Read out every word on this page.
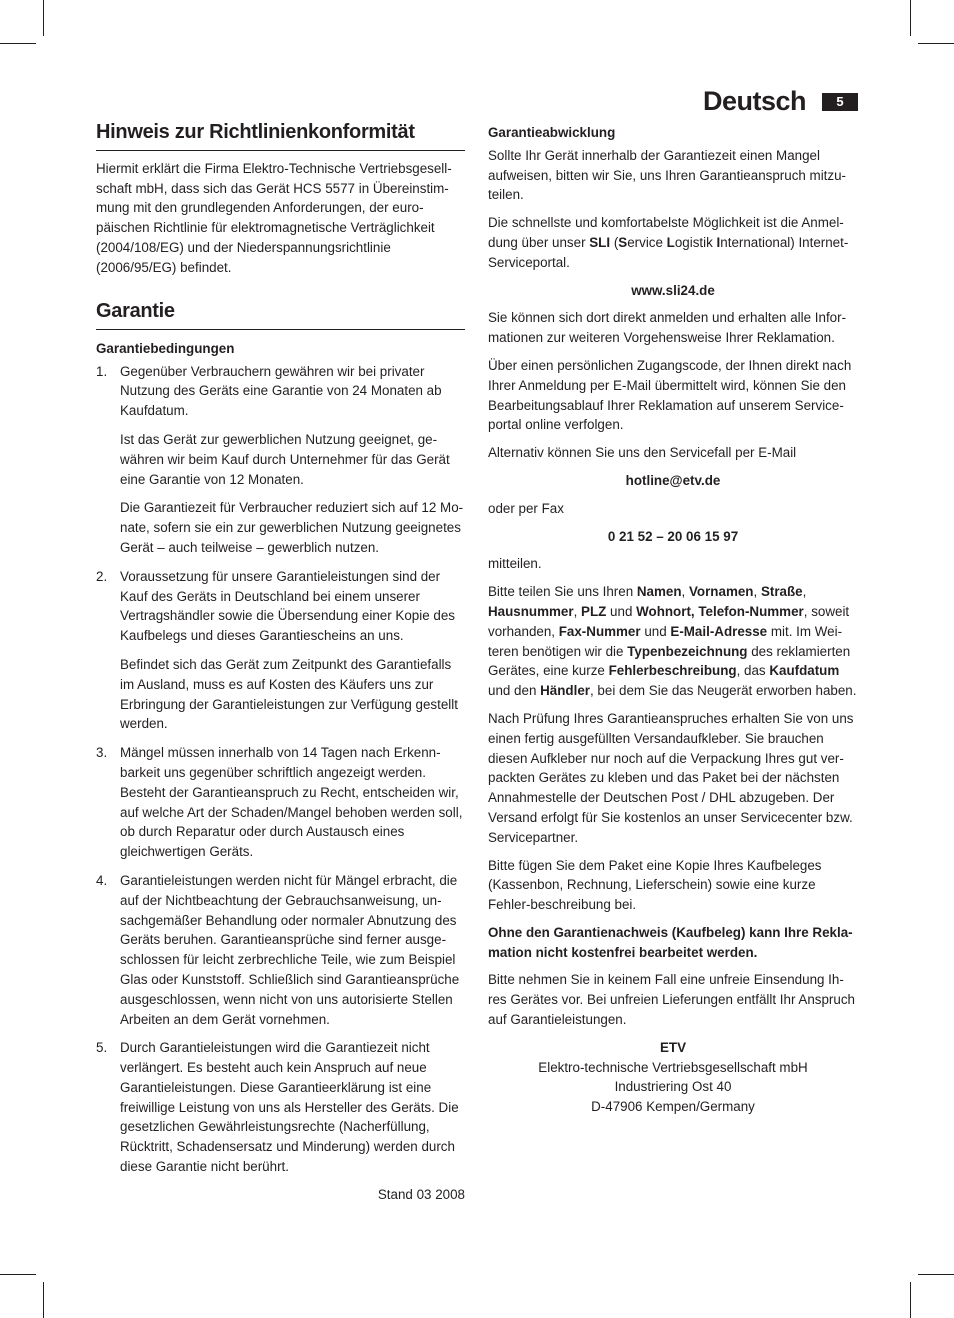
Deutsch	5
Hinweis zur Richtlinienkonformität

Hiermit erklärt die Firma Elektro-Technische Vertriebsgesell-schaft mbH, dass sich das Gerät HCS 5577 in Übereinstim-mung mit den grundlegenden Anforderungen, der euro-päischen Richtlinie für elektromagnetische Verträglichkeit (2004/108/EG) und der Niederspannungsrichtlinie (2006/95/EG) befindet.

Garantie

Garantiebedingungen

1. Gegenüber Verbrauchern gewähren wir bei privater Nutzung des Geräts eine Garantie von 24 Monaten ab Kaufdatum.

Ist das Gerät zur gewerblichen Nutzung geeignet, ge-währen wir beim Kauf durch Unternehmer für das Gerät eine Garantie von 12 Monaten.

Die Garantiezeit für Verbraucher reduziert sich auf 12 Mo-nate, sofern sie ein zur gewerblichen Nutzung geeignetes Gerät – auch teilweise – gewerblich nutzen.

2. Voraussetzung für unsere Garantieleistungen sind der Kauf des Geräts in Deutschland bei einem unserer Vertragshändler sowie die Übersendung einer Kopie des Kaufbelegs und dieses Garantiescheins an uns.

Befindet sich das Gerät zum Zeitpunkt des Garantiefalls im Ausland, muss es auf Kosten des Käufers uns zur Erbringung der Garantieleistungen zur Verfügung gestellt werden.

3. Mängel müssen innerhalb von 14 Tagen nach Erkenn-barkeit uns gegenüber schriftlich angezeigt werden. Besteht der Garantieanspruch zu Recht, entscheiden wir, auf welche Art der Schaden/Mangel behoben werden soll, ob durch Reparatur oder durch Austausch eines gleichwertigen Geräts.

4. Garantieleistungen werden nicht für Mängel erbracht, die auf der Nichtbeachtung der Gebrauchsanweisung, un-sachgemäßer Behandlung oder normaler Abnutzung des Geräts beruhen. Garantieansprüche sind ferner ausge-schlossen für leicht zerbrechliche Teile, wie zum Beispiel Glas oder Kunststoff. Schließlich sind Garantieansprüche ausgeschlossen, wenn nicht von uns autorisierte Stellen Arbeiten an dem Gerät vornehmen.

5. Durch Garantieleistungen wird die Garantiezeit nicht verlängert. Es besteht auch kein Anspruch auf neue Garantieleistungen. Diese Garantieerklärung ist eine freiwillige Leistung von uns als Hersteller des Geräts. Die gesetzlichen Gewährleistungsrechte (Nacherfüllung, Rücktritt, Schadensersatz und Minderung) werden durch diese Garantie nicht berührt.

Stand 03 2008

Garantieabwicklung

Sollte Ihr Gerät innerhalb der Garantiezeit einen Mangel aufweisen, bitten wir Sie, uns Ihren Garantieanspruch mitzu-teilen.

Die schnellste und komfortabelste Möglichkeit ist die Anmel-dung über unser SLI (Service Logistik International) Internet-Serviceportal.

www.sli24.de

Sie können sich dort direkt anmelden und erhalten alle Infor-mationen zur weiteren Vorgehensweise Ihrer Reklamation.

Über einen persönlichen Zugangscode, der Ihnen direkt nach Ihrer Anmeldung per E-Mail übermittelt wird, können Sie den Bearbeitungsablauf Ihrer Reklamation auf unserem Service-portal online verfolgen.

Alternativ können Sie uns den Servicefall per E-Mail

hotline@etv.de

oder per Fax

0 21 52 – 20 06 15 97

mitteilen.

Bitte teilen Sie uns Ihren Namen, Vornamen, Straße, Hausnummer, PLZ und Wohnort, Telefon-Nummer, soweit vorhanden, Fax-Nummer und E-Mail-Adresse mit. Im Wei-teren benötigen wir die Typenbezeichnung des reklamierten Gerätes, eine kurze Fehlerbeschreibung, das Kaufdatum und den Händler, bei dem Sie das Neugerät erworben haben.

Nach Prüfung Ihres Garantieanspruches erhalten Sie von uns einen fertig ausgefüllten Versandaufkleber. Sie brauchen diesen Aufkleber nur noch auf die Verpackung Ihres gut ver-packten Gerätes zu kleben und das Paket bei der nächsten Annahmestelle der Deutschen Post / DHL abzugeben. Der Versand erfolgt für Sie kostenlos an unser Servicecenter bzw. Servicepartner.

Bitte fügen Sie dem Paket eine Kopie Ihres Kaufbeleges (Kassenbon, Rechnung, Lieferschein) sowie eine kurze Fehler-beschreibung bei.

Ohne den Garantienachweis (Kaufbeleg) kann Ihre Rekla-mation nicht kostenfrei bearbeitet werden.

Bitte nehmen Sie in keinem Fall eine unfreie Einsendung Ih-res Gerätes vor. Bei unfreien Lieferungen entfällt Ihr Anspruch auf Garantieleistungen.

ETV
Elektro-technische Vertriebsgesellschaft mbH
Industriering Ost 40
D-47906 Kempen/Germany
